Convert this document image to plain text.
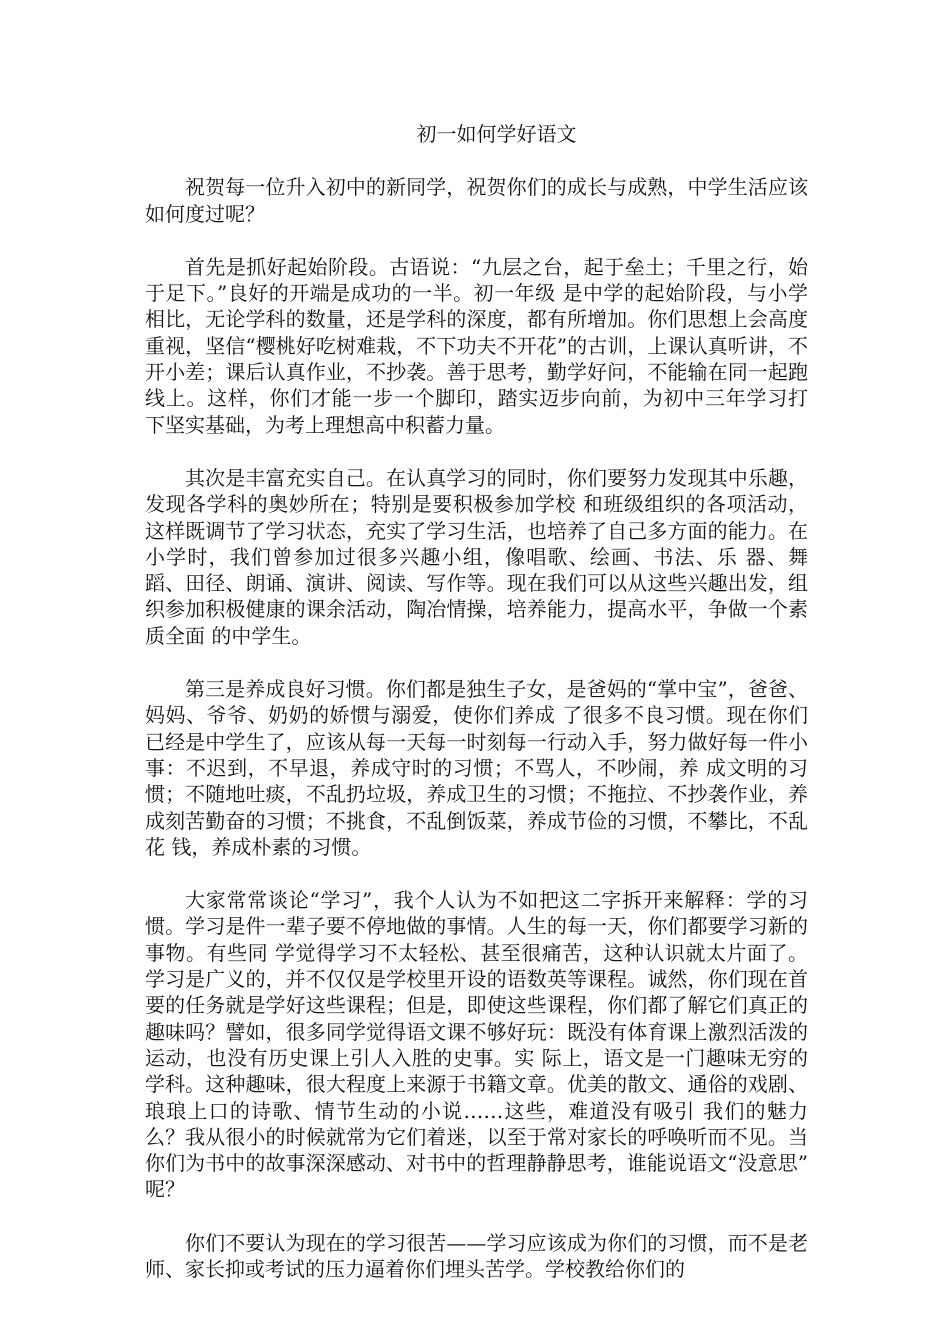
初一如何学好语文

祝贺每一位升入初中的新同学，祝贺你们的成长与成熟，中学生活应该如何度过呢？

首先是抓好起始阶段。古语说：“九层之台，起于垒土；千里之行，始于足下。”良好的开端是成功的一半。初一年级 是中学的起始阶段，与小学相比，无论学科的数量，还是学科的深度，都有所增加。你们思想上会高度重视，坚信“樱桃好吃树难栽，不下功夫不开花”的古训，上课认真听讲，不开小差；课后认真作业，不抄袭。善于思考，勤学好问，不能输在同一起跑线上。这样，你们才能一步一个脚印，踏实迈步向前，为初中三年学习打 下坚实基础，为考上理想高中积蓄力量。

其次是丰富充实自己。在认真学习的同时，你们要努力发现其中乐趣，发现各学科的奥妙所在；特别是要积极参加学校 和班级组织的各项活动，这样既调节了学习状态，充实了学习生活，也培养了自己多方面的能力。在小学时，我们曾参加过很多兴趣小组，像唱歌、绘画、书法、乐 器、舞蹈、田径、朗诵、演讲、阅读、写作等。现在我们可以从这些兴趣出发，组织参加积极健康的课余活动，陶冶情操，培养能力，提高水平，争做一个素质全面 的中学生。

第三是养成良好习惯。你们都是独生子女，是爸妈的“掌中宝”，爸爸、妈妈、爷爷、奶奶的娇惯与溺爱，使你们养成 了很多不良习惯。现在你们已经是中学生了，应该从每一天每一时刻每一行动入手，努力做好每一件小事：不迟到，不早退，养成守时的习惯；不骂人，不吵闹，养 成文明的习惯；不随地吐痰，不乱扔垃圾，养成卫生的习惯；不拖拉、不抄袭作业，养成刻苦勤奋的习惯；不挑食，不乱倒饭菜，养成节俭的习惯，不攀比，不乱花 钱，养成朴素的习惯。

大家常常谈论“学习”，我个人认为不如把这二字拆开来解释：学的习惯。学习是件一辈子要不停地做的事情。人生的每一天，你们都要学习新的事物。有些同 学觉得学习不太轻松、甚至很痛苦，这种认识就太片面了。学习是广义的，并不仅仅是学校里开设的语数英等课程。诚然，你们现在首要的任务就是学好这些课程；但是，即使这些课程，你们都了解它们真正的趣味吗？譬如，很多同学觉得语文课不够好玩：既没有体育课上激烈活泼的运动，也没有历史课上引人入胜的史事。实 际上，语文是一门趣味无穷的学科。这种趣味，很大程度上来源于书籍文章。优美的散文、通俗的戏剧、琅琅上口的诗歌、情节生动的小说……这些，难道没有吸引 我们的魅力么？我从很小的时候就常为它们着迷，以至于常对家长的呼唤听而不见。当你们为书中的故事深深感动、对书中的哲理静静思考，谁能说语文“没意思” 呢？

你们不要认为现在的学习很苦——学习应该成为你们的习惯，而不是老师、家长抑或考试的压力逼着你们埋头苦学。学校教给你们的
